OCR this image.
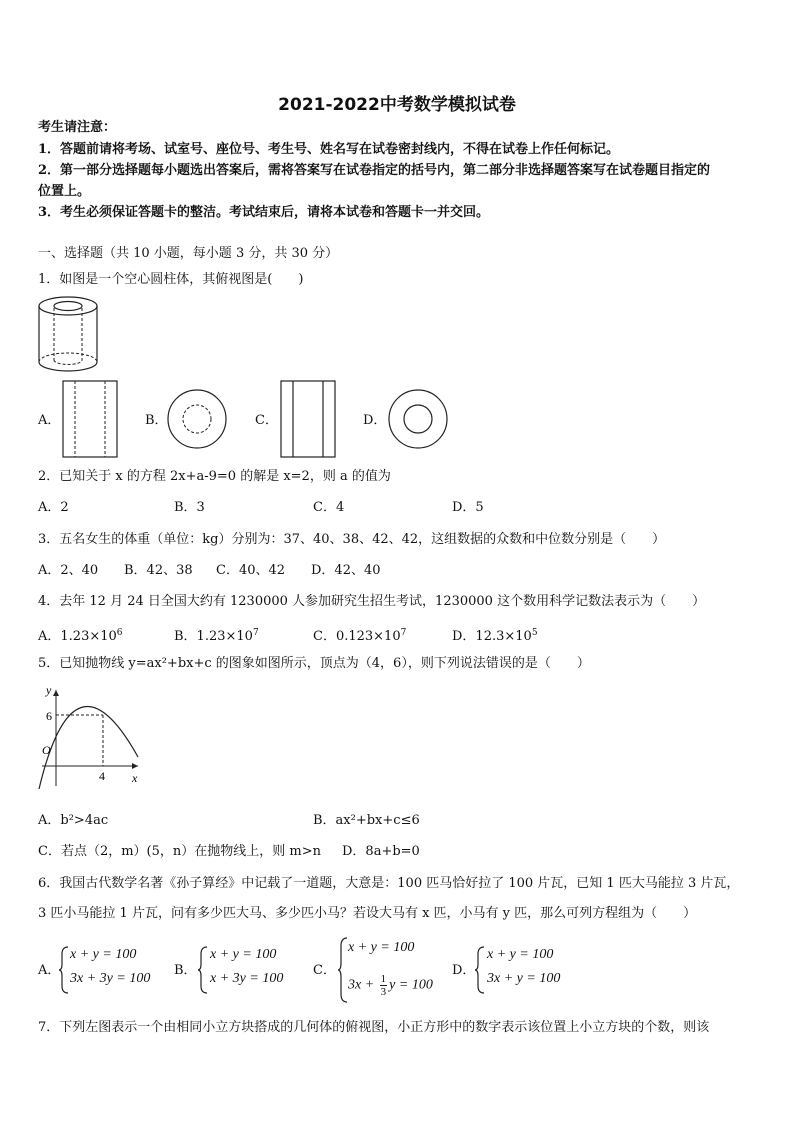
2021-2022中考数学模拟试卷
考生请注意：
1．答题前请将考场、试室号、座位号、考生号、姓名写在试卷密封线内，不得在试卷上作任何标记。
2．第一部分选择题每小题选出答案后，需将答案写在试卷指定的括号内，第二部分非选择题答案写在试卷题目指定的
位置上。
3．考生必须保证答题卡的整洁。考试结束后，请将本试卷和答题卡一并交回。
一、选择题（共 10 小题，每小题 3 分，共 30 分）
1．如图是一个空心圆柱体，其俯视图是(　　)
A．	B．	C．	D．
2．已知关于 x 的方程 2x+a-9=0 的解是 x=2，则 a 的值为
A．2	B．3	C．4	D．5
3．五名女生的体重（单位：kg）分别为：37、40、38、42、42，这组数据的众数和中位数分别是（　　）
A．2、40 B．42、38 C．40、42 D．42、40
4．去年 12 月 24 日全国大约有 1230000 人参加研究生招生考试，1230000 这个数用科学记数法表示为（　　）
A．$1.23\times 10^6$	B．$1.23\times 10^7$	C．$0.123\times 10^7$	D．$12.3\times 10^5$
5．已知抛物线 y=ax²+bx+c 的图象如图所示，顶点为（4，6），则下列说法错误的是（　　）
y
x
O
6
4
A．b²>4ac	B．ax²+bx+c≤6
C．若点（2，m）(5，n）在抛物线上，则 m>n D．8a+b=0
6．我国古代数学名著《孙子算经》中记载了一道题，大意是：100 匹马恰好拉了 100 片瓦，已知 1 匹大马能拉 3 片瓦，
3 匹小马能拉 1 片瓦，问有多少匹大马、多少匹小马？若设大马有 x 匹，小马有 y 匹，那么可列方程组为（　　）
A．
x + y = 100
3x + 3y = 100
B．
x + y = 100
x + 3y = 100
C．
x + y = 100
$3x + \frac{1}{3}$ y = 100
D．
x + y = 100
3x + y = 100
7．下列左图表示一个由相同小立方块搭成的几何体的俯视图，小正方形中的数字表示该位置上小立方块的个数，则该
